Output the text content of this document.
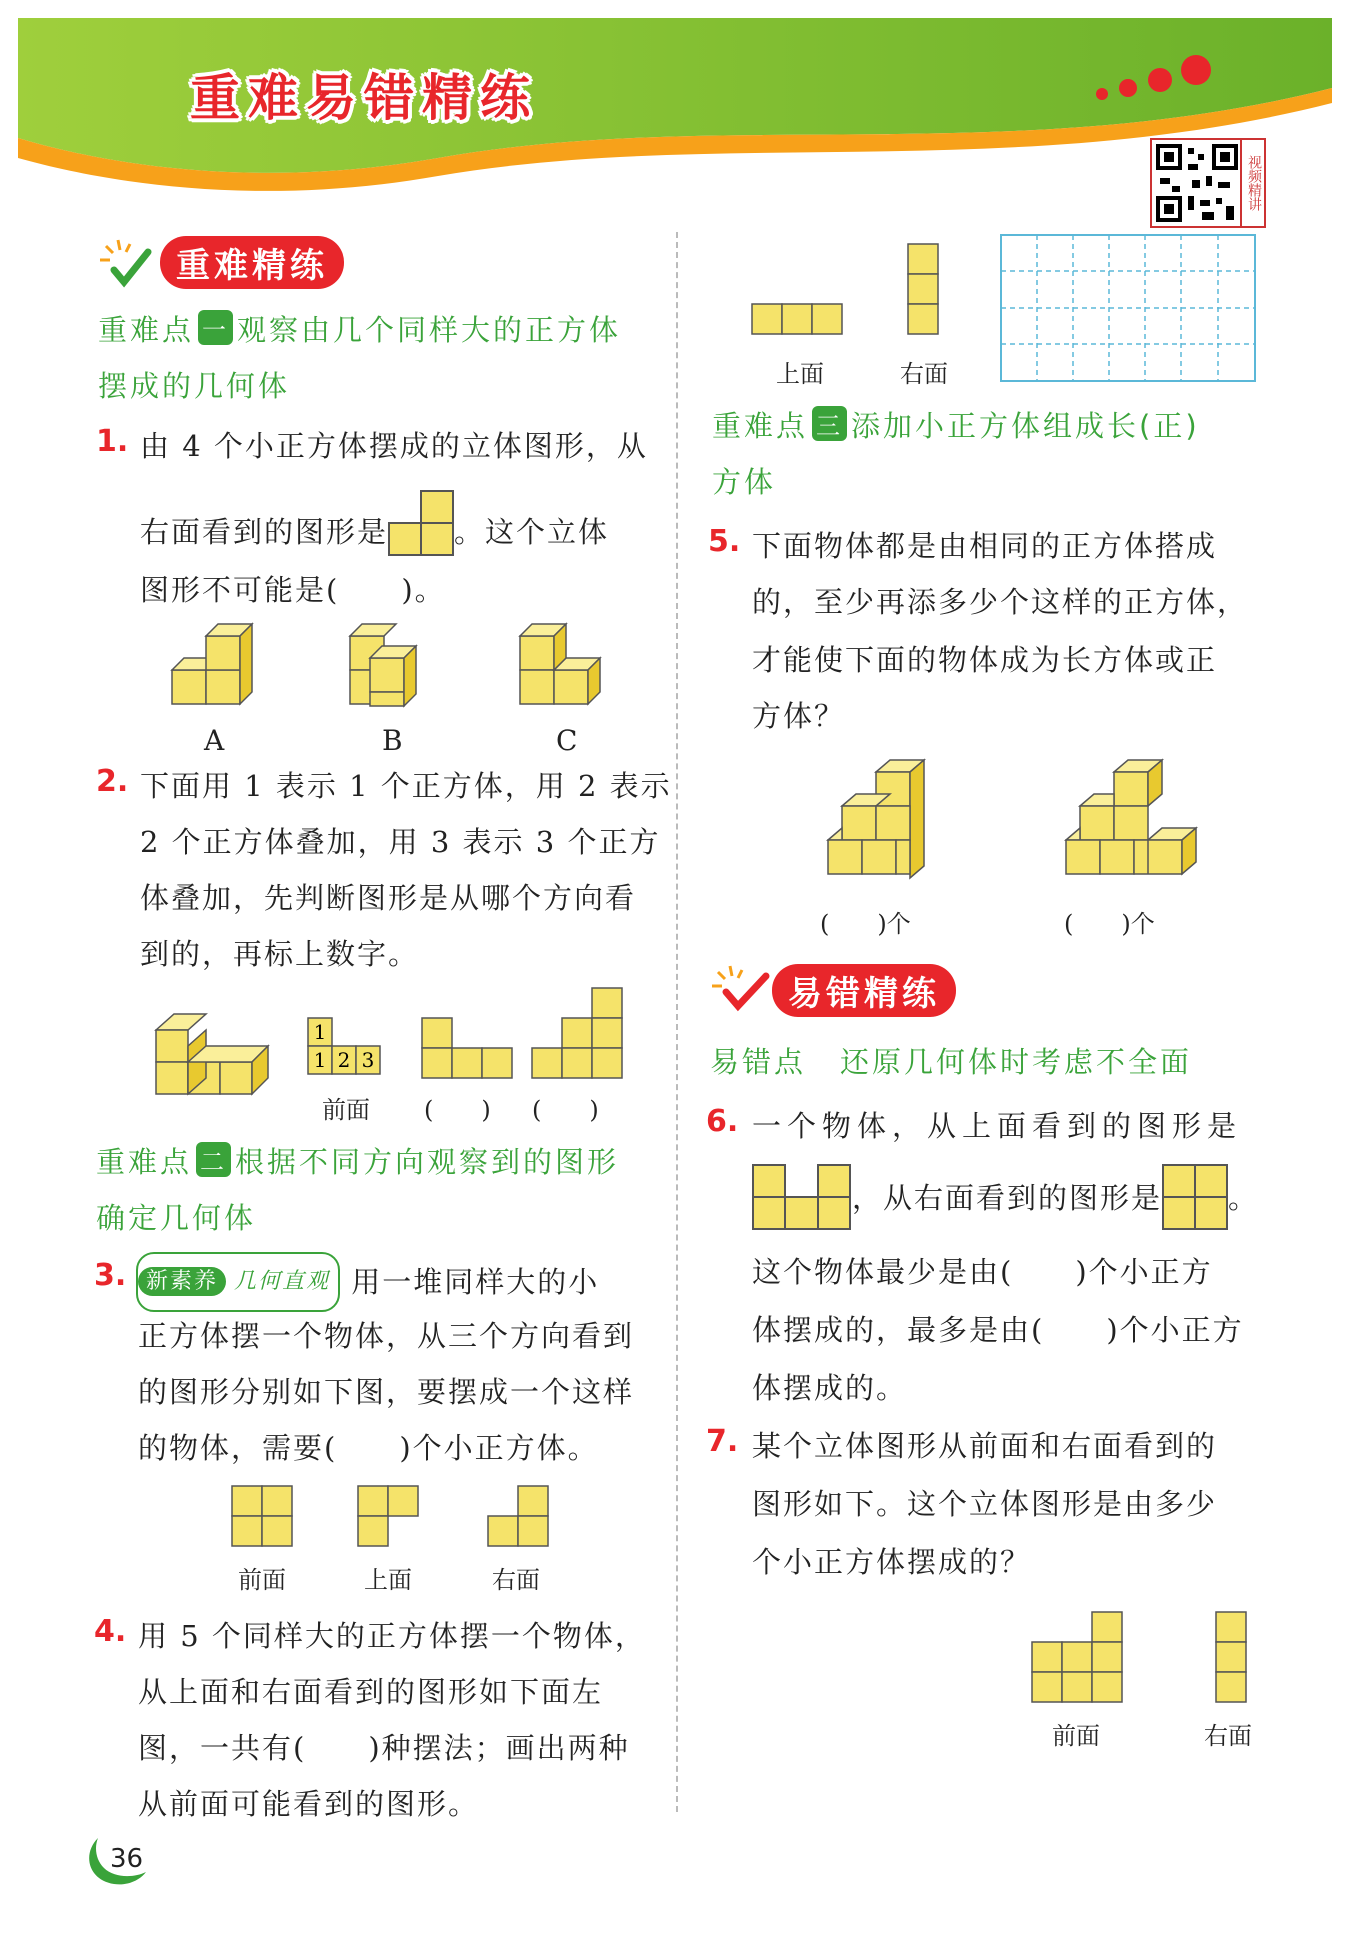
重难易错精练
视频精讲
重难精练
重难点 一 观察由几个同样大的正方体
摆成的几何体
1. 由 4 个小正方体摆成的立体图形，从
右面看到的图形是 。这个立体
图形不可能是(　　)。
A	B	C
2. 下面用 1 表示 1 个正方体，用 2 表示
2 个正方体叠加，用 3 表示 3 个正方
体叠加，先判断图形是从哪个方向看
到的，再标上数字。
1
1 2 3
前面 (　　) (　　)
重难点 二 根据不同方向观察到的图形
确定几何体
3. 新素养 几何直观 用一堆同样大的小
正方体摆一个物体，从三个方向看到
的图形分别如下图，要摆成一个这样
的物体，需要(　　)个小正方体。
前面	上面	右面
4. 用 5 个同样大的正方体摆一个物体，
从上面和右面看到的图形如下面左
图，一共有(　　)种摆法；画出两种
从前面可能看到的图形。
36
上面	右面
重难点 三 添加小正方体组成长(正)
方体
5. 下面物体都是由相同的正方体搭成
的，至少再添多少个这样的正方体，
才能使下面的物体成为长方体或正
方体？
(　　)个	(　　)个
易错精练
易错点 还原几何体时考虑不全面
6. 一个物体，从上面看到的图形是
，从右面看到的图形是 。
这个物体最少是由(　　)个小正方
体摆成的，最多是由(　　)个小正方
体摆成的。
7. 某个立体图形从前面和右面看到的
图形如下。这个立体图形是由多少
个小正方体摆成的？
前面	右面
